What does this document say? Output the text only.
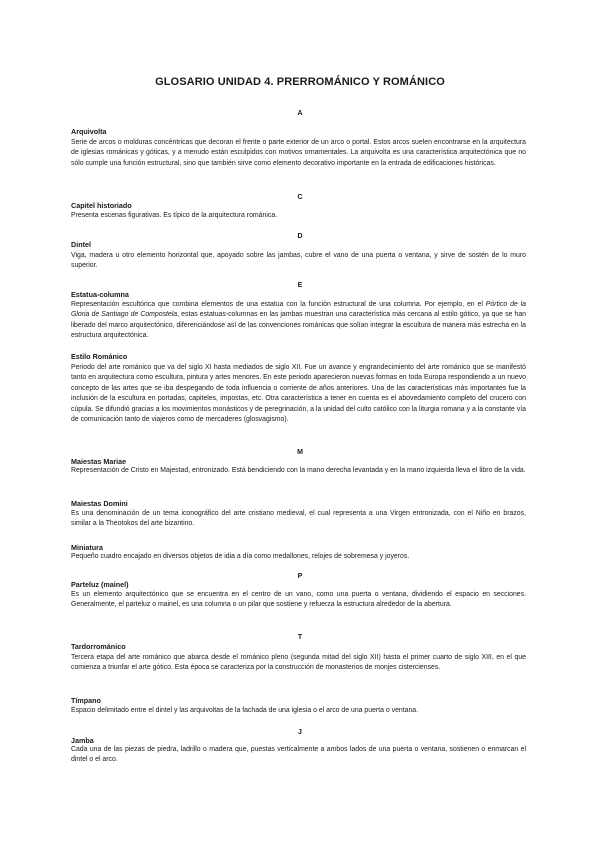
GLOSARIO UNIDAD 4. PRERROMÁNICO Y ROMÁNICO
A
Arquivolta
Serie de arcos o molduras concéntricas que decoran el frente o parte exterior de un arco o portal. Estos arcos suelen encontrarse en la arquitectura de iglesias románicas y góticas, y a menudo están esculpidos con motivos ornamentales. La arquivolta es una característica arquitectónica que no sólo cumple una función estructural, sino que también sirve como elemento decorativo importante en la entrada de edificaciones históricas.
C
Capitel historiado
Presenta escenas figurativas. Es típico de la arquitectura románica.
D
Dintel
Viga, madera u otro elemento horizontal que, apoyado sobre las jambas, cubre el vano de una puerta o ventana, y sirve de sostén de lo muro superior.
E
Estatua-columna
Representación escultórica que combina elementos de una estatua con la función estructural de una columna. Por ejemplo, en el Pórtico de la Gloria de Santiago de Compostela, estas estatuas-columnas en las jambas muestran una característica más cercana al estilo gótico, ya que se han liberado del marco arquitectónico, diferenciándose así de las convenciones románicas que solían integrar la escultura de manera más estrecha en la estructura arquitectónica.
Estilo Románico
Periodo del arte románico que va del siglo XI hasta mediados de siglo XII. Fue un avance y engrandecimiento del arte románico que se manifestó tanto en arquitectura como escultura, pintura y artes menores. En este periodo aparecieron nuevas formas en toda Europa respondiendo a un nuevo concepto de las artes que se iba despegando de toda influencia o corriente de años anteriores. Una de las características más importantes fue la inclusión de la escultura en portadas, capiteles, impostas, etc. Otra característica a tener en cuenta es el abovedamiento completo del crucero con cúpula. Se difundió gracias a los movimientos monásticos y de peregrinación, a la unidad del culto católico con la liturgia romana y a la constante vía de comunicación tanto de viajeros como de mercaderes (glosvagismo).
M
Maiestas Mariae
Representación de Cristo en Majestad, entronizado. Está bendiciendo con la mano derecha levantada y en la mano izquierda lleva el libro de la vida.
Maiestas Domini
Es una denominación de un tema iconográfico del arte cristiano medieval, el cual representa a una Virgen entronizada, con el Niño en brazos, similar a la Theotokos del arte bizantino.
Miniatura
Pequeño cuadro encajado en diversos objetos de idia a día como medallones, relojes de sobremesa y joyeros.
P
Parteluz (mainel)
Es un elemento arquitectónico que se encuentra en el centro de un vano, como una puerta o ventana, dividiendo el espacio en secciones. Generalmente, el parteluz o mainel, es una columna o un pilar que sostiene y refuerza la estructura alrededor de la abertura.
T
Tardorrománico
Tercera etapa del arte románico que abarca desde el románico pleno (segunda mitad del siglo XII) hasta el primer cuarto de siglo XIII, en el que comienza a triunfar el arte gótico. Esta época se caracteriza por la construcción de monasterios de monjes cistercienses.
Tímpano
Espacio delimitado entre el dintel y las arquivoltas de la fachada de una iglesia o el arco de una puerta o ventana.
J
Jamba
Cada una de las piezas de piedra, ladrillo o madera que, puestas verticalmente a ambos lados de una puerta o ventana, sostienen o enmarcan el dintel o el arco.
